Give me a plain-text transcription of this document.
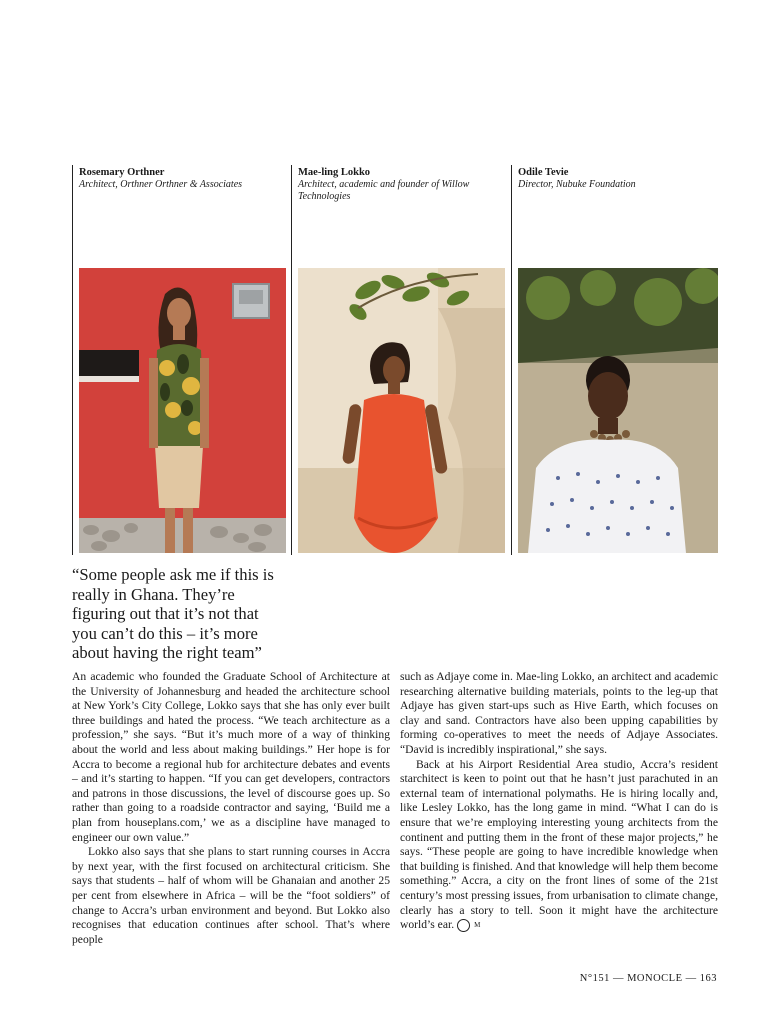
Rosemary Orthner
Architect, Orthner Orthner & Associates
Mae-ling Lokko
Architect, academic and founder of Willow Technologies
Odile Tevie
Director, Nubuke Foundation
“Some people ask me if this is really in Ghana. They’re figuring out that it’s not that you can’t do this – it’s more about having the right team”

An academic who founded the Graduate School of Architecture at the University of Johannesburg and headed the architecture school at New York’s City College, Lokko says that she has only ever built three buildings and hated the process. “We teach architecture as a profession,” she says. “But it’s much more of a way of thinking about the world and less about making buildings.” Her hope is for Accra to become a regional hub for architecture debates and events – and it’s starting to happen. “If you can get developers, contractors and patrons in those discussions, the level of discourse goes up. So rather than going to a roadside contractor and saying, ‘Build me a plan from houseplans.com,’ we as a discipline have managed to engineer our own value.”

Lokko also says that she plans to start running courses in Accra by next year, with the first focused on architectural criticism. She says that students – half of whom will be Ghanaian and another 25 per cent from elsewhere in Africa – will be the “foot soldiers” of change to Accra’s urban environment and beyond. But Lokko also recognises that education continues after school. That’s where people

such as Adjaye come in. Mae-ling Lokko, an architect and academic researching alternative building materials, points to the leg-up that Adjaye has given start-ups such as Hive Earth, which focuses on clay and sand. Contractors have also been upping capabilities by forming co-operatives to meet the needs of Adjaye Associates. “David is incredibly inspirational,” she says.

Back at his Airport Residential Area studio, Accra’s resident starchitect is keen to point out that he hasn’t just parachuted in an external team of international polymaths. He is hiring locally and, like Lesley Lokko, has the long game in mind. “What I can do is ensure that we’re employing interesting young architects from the continent and putting them in the front of these major projects,” he says. “These people are going to have incredible knowledge when that building is finished. And that knowledge will help them become something.” Accra, a city on the front lines of some of the 21st century’s most pressing issues, from urbanisation to climate change, clearly has a story to tell. Soon it might have the architecture world’s ear.	M

N°151 — MONOCLE — 163
